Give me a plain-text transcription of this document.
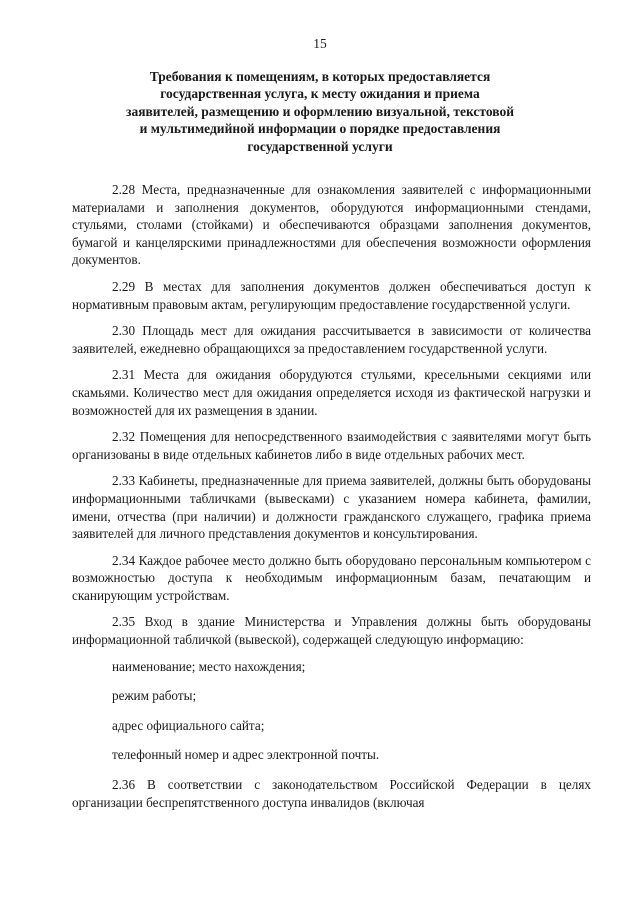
15
Требования к помещениям, в которых предоставляется
государственная услуга, к месту ожидания и приема
заявителей, размещению и оформлению визуальной, текстовой
и мультимедийной информации о порядке предоставления
государственной услуги

2.28 Места, предназначенные для ознакомления заявителей с информационными материалами и заполнения документов, оборудуются информационными стендами, стульями, столами (стойками) и обеспечиваются образцами заполнения документов, бумагой и канцелярскими принадлежностями для обеспечения возможности оформления документов.

2.29 В местах для заполнения документов должен обеспечиваться доступ к нормативным правовым актам, регулирующим предоставление государственной услуги.

2.30 Площадь мест для ожидания рассчитывается в зависимости от количества заявителей, ежедневно обращающихся за предоставлением государственной услуги.

2.31 Места для ожидания оборудуются стульями, кресельными секциями или скамьями. Количество мест для ожидания определяется исходя из фактической нагрузки и возможностей для их размещения в здании.

2.32 Помещения для непосредственного взаимодействия с заявителями могут быть организованы в виде отдельных кабинетов либо в виде отдельных рабочих мест.

2.33 Кабинеты, предназначенные для приема заявителей, должны быть оборудованы информационными табличками (вывесками) с указанием номера кабинета, фамилии, имени, отчества (при наличии) и должности гражданского служащего, графика приема заявителей для личного представления документов и консультирования.

2.34 Каждое рабочее место должно быть оборудовано персональным компьютером с возможностью доступа к необходимым информационным базам, печатающим и сканирующим устройствам.

2.35 Вход в здание Министерства и Управления должны быть оборудованы информационной табличкой (вывеской), содержащей следующую информацию:

наименование; место нахождения;
режим работы;
адрес официального сайта;
телефонный номер и адрес электронной почты.

2.36 В соответствии с законодательством Российской Федерации в целях организации беспрепятственного доступа инвалидов (включая
